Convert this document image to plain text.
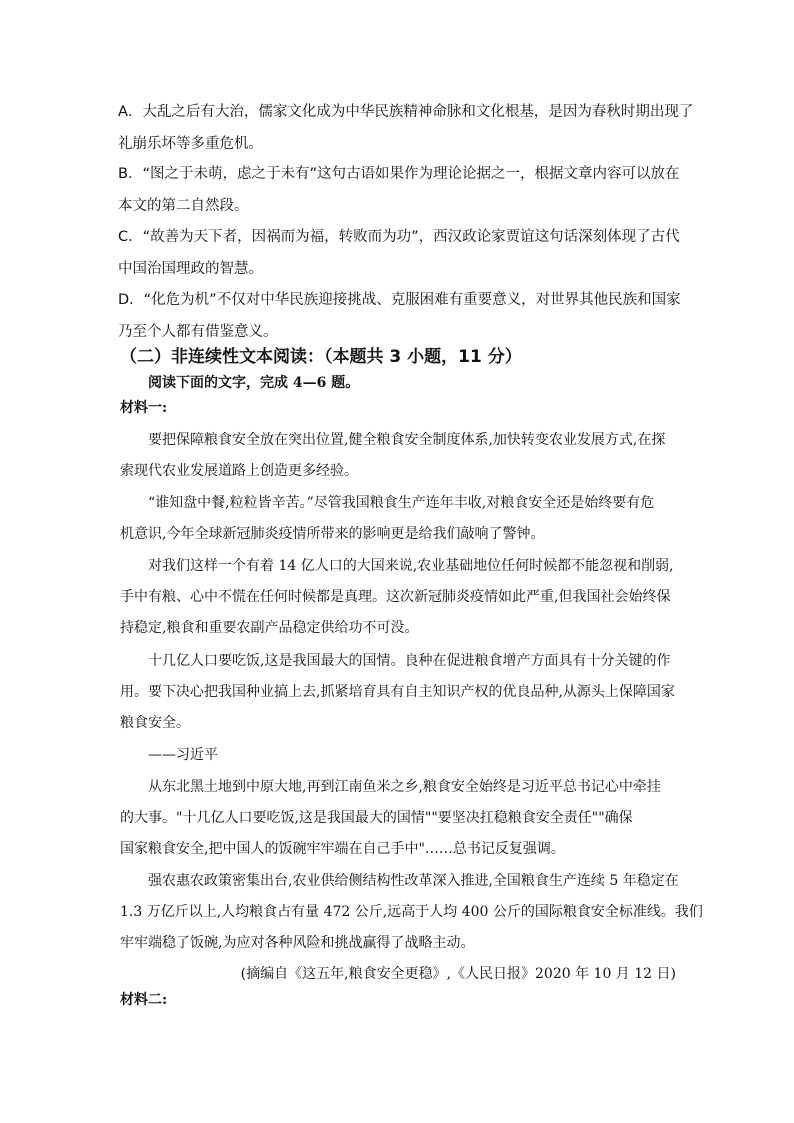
A．大乱之后有大治，儒家文化成为中华民族精神命脉和文化根基，是因为春秋时期出现了
礼崩乐坏等多重危机。
B．“图之于未萌，虑之于未有”这句古语如果作为理论论据之一，根据文章内容可以放在
本文的第二自然段。
C．“故善为天下者，因祸而为福，转败而为功”，西汉政论家贾谊这句话深刻体现了古代
中国治国理政的智慧。
D．“化危为机”不仅对中华民族迎接挑战、克服困难有重要意义，对世界其他民族和国家
乃至个人都有借鉴意义。
（二）非连续性文本阅读：（本题共 3 小题，11 分）
阅读下面的文字，完成 4—6 题。
材料一:
要把保障粮食安全放在突出位置,健全粮食安全制度体系,加快转变农业发展方式,在探
索现代农业发展道路上创造更多经验。
“谁知盘中餐,粒粒皆辛苦。”尽管我国粮食生产连年丰收,对粮食安全还是始终要有危
机意识,今年全球新冠肺炎疫情所带来的影响更是给我们敲响了警钟。
对我们这样一个有着 14 亿人口的大国来说,农业基础地位任何时候都不能忽视和削弱,
手中有粮、心中不慌在任何时候都是真理。这次新冠肺炎疫情如此严重,但我国社会始终保
持稳定,粮食和重要农副产品稳定供给功不可没。
十几亿人口要吃饭,这是我国最大的国情。良种在促进粮食增产方面具有十分关键的作
用。要下决心把我国种业搞上去,抓紧培育具有自主知识产权的优良品种,从源头上保障国家
粮食安全。
——习近平
从东北黑土地到中原大地,再到江南鱼米之乡,粮食安全始终是习近平总书记心中牵挂
的大事。"十几亿人口要吃饭,这是我国最大的国情""要坚决扛稳粮食安全责任""确保
国家粮食安全,把中国人的饭碗牢牢端在自己手中"……总书记反复强调。
强农惠农政策密集出台,农业供给侧结构性改革深入推进,全国粮食生产连续 5 年稳定在
1.3 万亿斤以上,人均粮食占有量 472 公斤,远高于人均 400 公斤的国际粮食安全标准线。我们
牢牢端稳了饭碗,为应对各种风险和挑战赢得了战略主动。
(摘编自《这五年,粮食安全更稳》,《人民日报》2020 年 10 月 12 日)
材料二:
